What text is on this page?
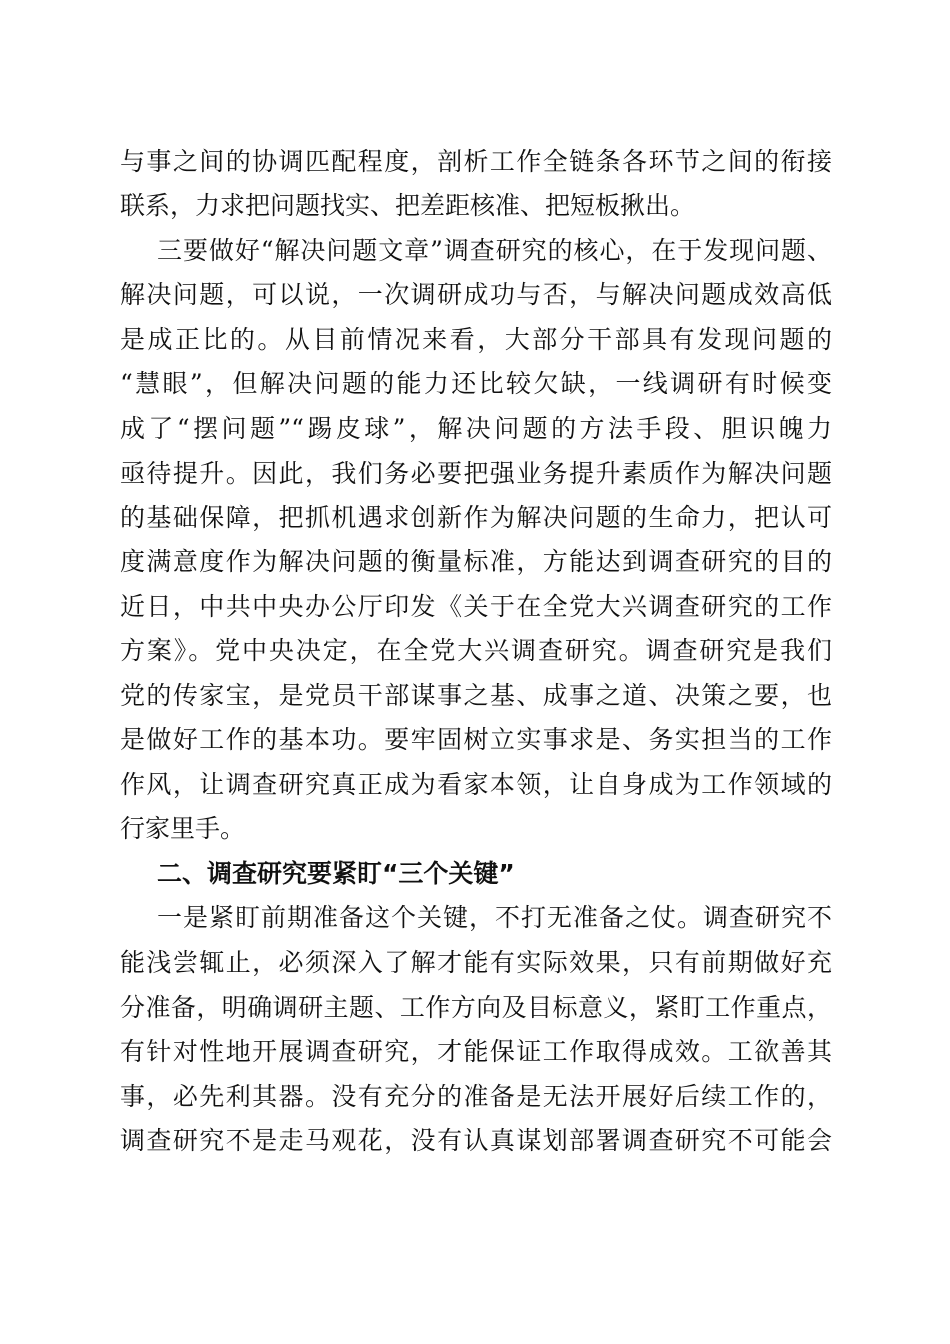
与事之间的协调匹配程度，剖析工作全链条各环节之间的衔接
联系，力求把问题找实、把差距核准、把短板揪出。
三要做好“解决问题文章”调查研究的核心，在于发现问题、
解决问题，可以说，一次调研成功与否，与解决问题成效高低
是成正比的。从目前情况来看，大部分干部具有发现问题的
“慧眼”，但解决问题的能力还比较欠缺，一线调研有时候变
成了“摆问题”“踢皮球”，解决问题的方法手段、胆识魄力
亟待提升。因此，我们务必要把强业务提升素质作为解决问题
的基础保障，把抓机遇求创新作为解决问题的生命力，把认可
度满意度作为解决问题的衡量标准，方能达到调查研究的目的
近日，中共中央办公厅印发《关于在全党大兴调查研究的工作
方案》。党中央决定，在全党大兴调查研究。调查研究是我们
党的传家宝，是党员干部谋事之基、成事之道、决策之要，也
是做好工作的基本功。要牢固树立实事求是、务实担当的工作
作风，让调查研究真正成为看家本领，让自身成为工作领域的
行家里手。
二、调查研究要紧盯“三个关键”
一是紧盯前期准备这个关键，不打无准备之仗。调查研究不
能浅尝辄止，必须深入了解才能有实际效果，只有前期做好充
分准备，明确调研主题、工作方向及目标意义，紧盯工作重点，
有针对性地开展调查研究，才能保证工作取得成效。工欲善其
事，必先利其器。没有充分的准备是无法开展好后续工作的，
调查研究不是走马观花，没有认真谋划部署调查研究不可能会
